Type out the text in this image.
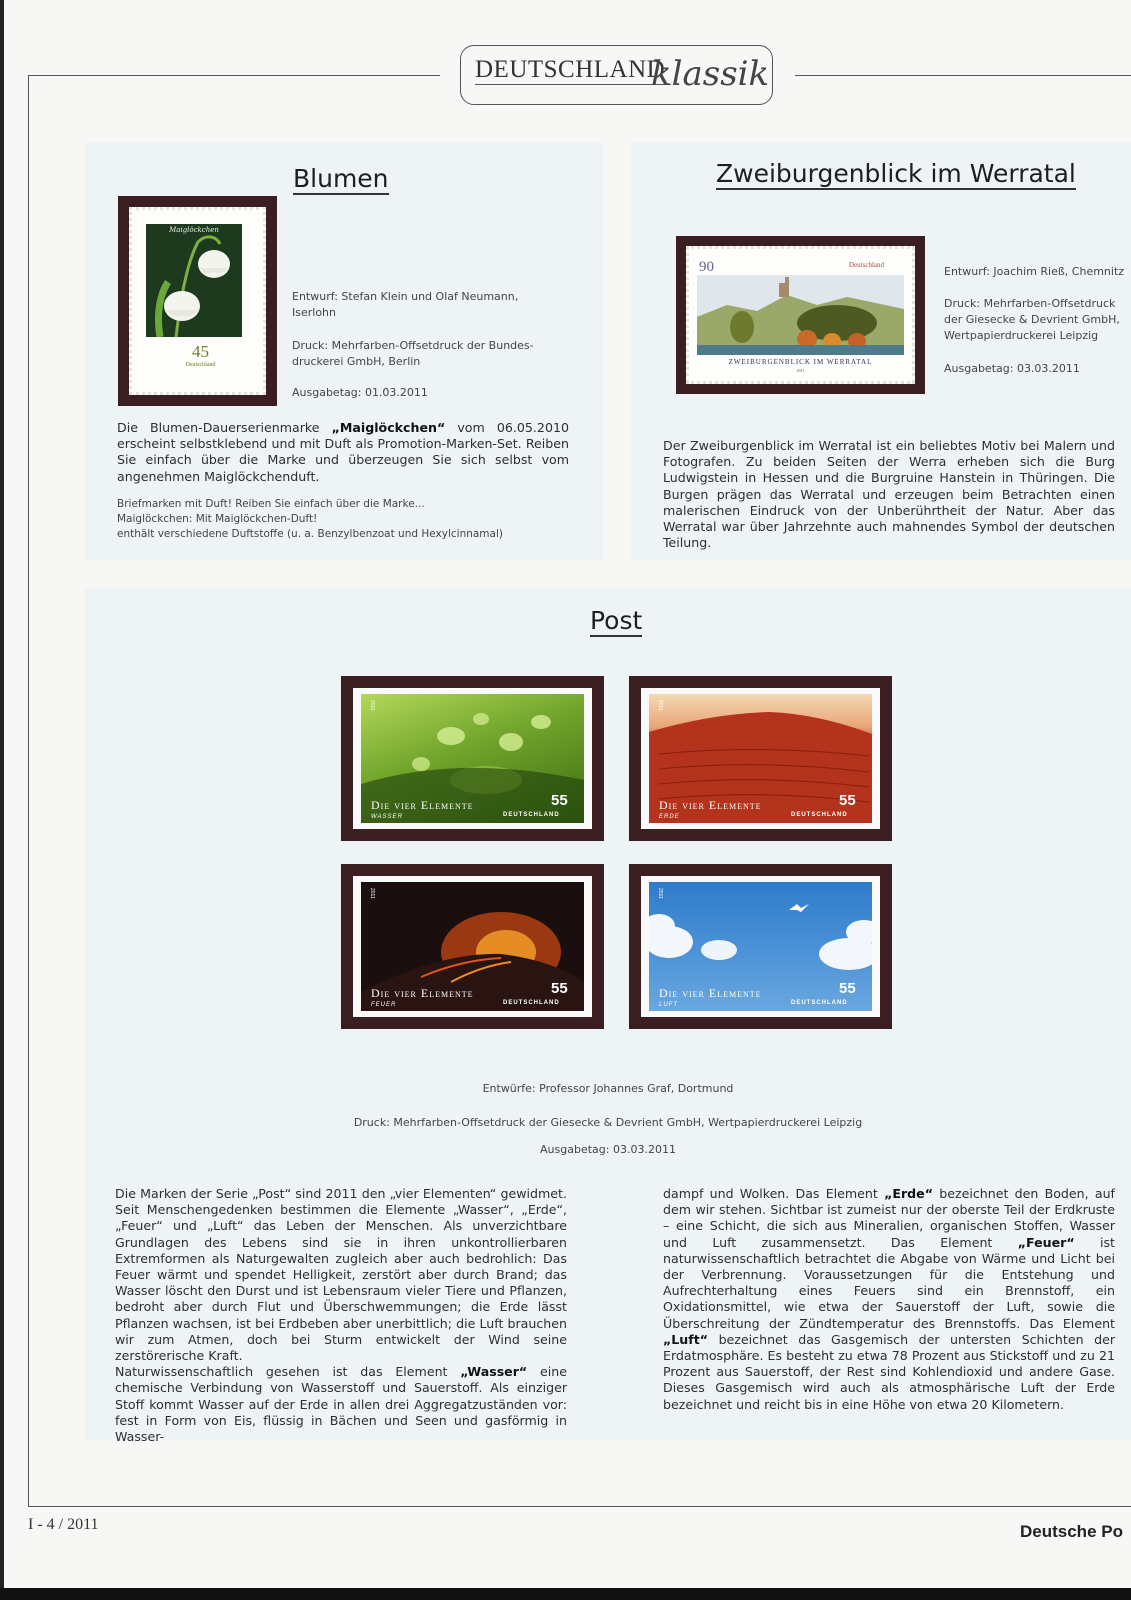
DEUTSCHLAND
klassik
Blumen
Maiglöckchen
45
Deutschland
Entwurf: Stefan Klein und Olaf Neumann, Iserlohn
Druck: Mehrfarben-Offsetdruck der Bundes-druckerei GmbH, Berlin
Ausgabetag: 01.03.2011
Die Blumen-Dauerserienmarke „Maiglöckchen“ vom 06.05.2010 erscheint selbstklebend und mit Duft als Promotion-Marken-Set. Reiben Sie einfach über die Marke und überzeugen Sie sich selbst vom angenehmen Maiglöckchenduft.
Briefmarken mit Duft! Reiben Sie einfach über die Marke...
Maiglöckchen: Mit Maiglöckchen-Duft!
enthält verschiedene Duftstoffe (u. a. Benzylbenzoat und Hexylcinnamal)
Zweiburgenblick im Werratal
90	Deutschland
ZWEIBURGENBLICK IM WERRATAL
2011
Entwurf: Joachim Rieß, Chemnitz
Druck: Mehrfarben-Offsetdruck der Giesecke & Devrient GmbH, Wertpapierdruckerei Leipzig
Ausgabetag: 03.03.2011
Der Zweiburgenblick im Werratal ist ein beliebtes Motiv bei Malern und Fotografen. Zu beiden Seiten der Werra erheben sich die Burg Ludwigstein in Hessen und die Burgruine Hanstein in Thüringen. Die Burgen prägen das Werratal und erzeugen beim Betrachten einen malerischen Eindruck von der Unberührtheit der Natur. Aber das Werratal war über Jahrzehnte auch mahnendes Symbol der deutschen Teilung.
Post
Die vier Elemente
WASSER	DEUTSCHLAND
55
2011
Die vier Elemente
ERDE	DEUTSCHLAND
55
2011
Die vier Elemente
FEUER	DEUTSCHLAND
55
2011
Die vier Elemente
LUFT	DEUTSCHLAND
55
2011
Entwürfe: Professor Johannes Graf, Dortmund
Druck: Mehrfarben-Offsetdruck der Giesecke & Devrient GmbH, Wertpapierdruckerei Leipzig
Ausgabetag: 03.03.2011

Die Marken der Serie „Post“ sind 2011 den „vier Elementen“ gewidmet. Seit Menschengedenken bestimmen die Elemente „Wasser“, „Erde“, „Feuer“ und „Luft“ das Leben der Menschen. Als unverzichtbare Grundlagen des Lebens sind sie in ihren unkontrollierbaren Extremformen als Naturgewalten zugleich aber auch bedrohlich: Das Feuer wärmt und spendet Helligkeit, zerstört aber durch Brand; das Wasser löscht den Durst und ist Lebensraum vieler Tiere und Pflanzen, bedroht aber durch Flut und Überschwemmungen; die Erde lässt Pflanzen wachsen, ist bei Erdbeben aber unerbittlich; die Luft brauchen wir zum Atmen, doch bei Sturm entwickelt der Wind seine zerstörerische Kraft.

Naturwissenschaftlich gesehen ist das Element „Wasser“ eine chemische Verbindung von Wasserstoff und Sauerstoff. Als einziger Stoff kommt Wasser auf der Erde in allen drei Aggregatzuständen vor: fest in Form von Eis, flüssig in Bächen und Seen und gasförmig in Wasser-

dampf und Wolken. Das Element „Erde“ bezeichnet den Boden, auf dem wir stehen. Sichtbar ist zumeist nur der oberste Teil der Erdkruste – eine Schicht, die sich aus Mineralien, organischen Stoffen, Wasser und Luft zusammensetzt. Das Element „Feuer“ ist naturwissenschaftlich betrachtet die Abgabe von Wärme und Licht bei der Verbrennung. Voraussetzungen für die Entstehung und Aufrechterhaltung eines Feuers sind ein Brennstoff, ein Oxidationsmittel, wie etwa der Sauerstoff der Luft, sowie die Überschreitung der Zündtemperatur des Brennstoffs. Das Element „Luft“ bezeichnet das Gasgemisch der untersten Schichten der Erdatmosphäre. Es besteht zu etwa 78 Prozent aus Stickstoff und zu 21 Prozent aus Sauerstoff, der Rest sind Kohlendioxid und andere Gase. Dieses Gasgemisch wird auch als atmosphärische Luft der Erde bezeichnet und reicht bis in eine Höhe von etwa 20 Kilometern.
I - 4 / 2011	Deutsche Po
